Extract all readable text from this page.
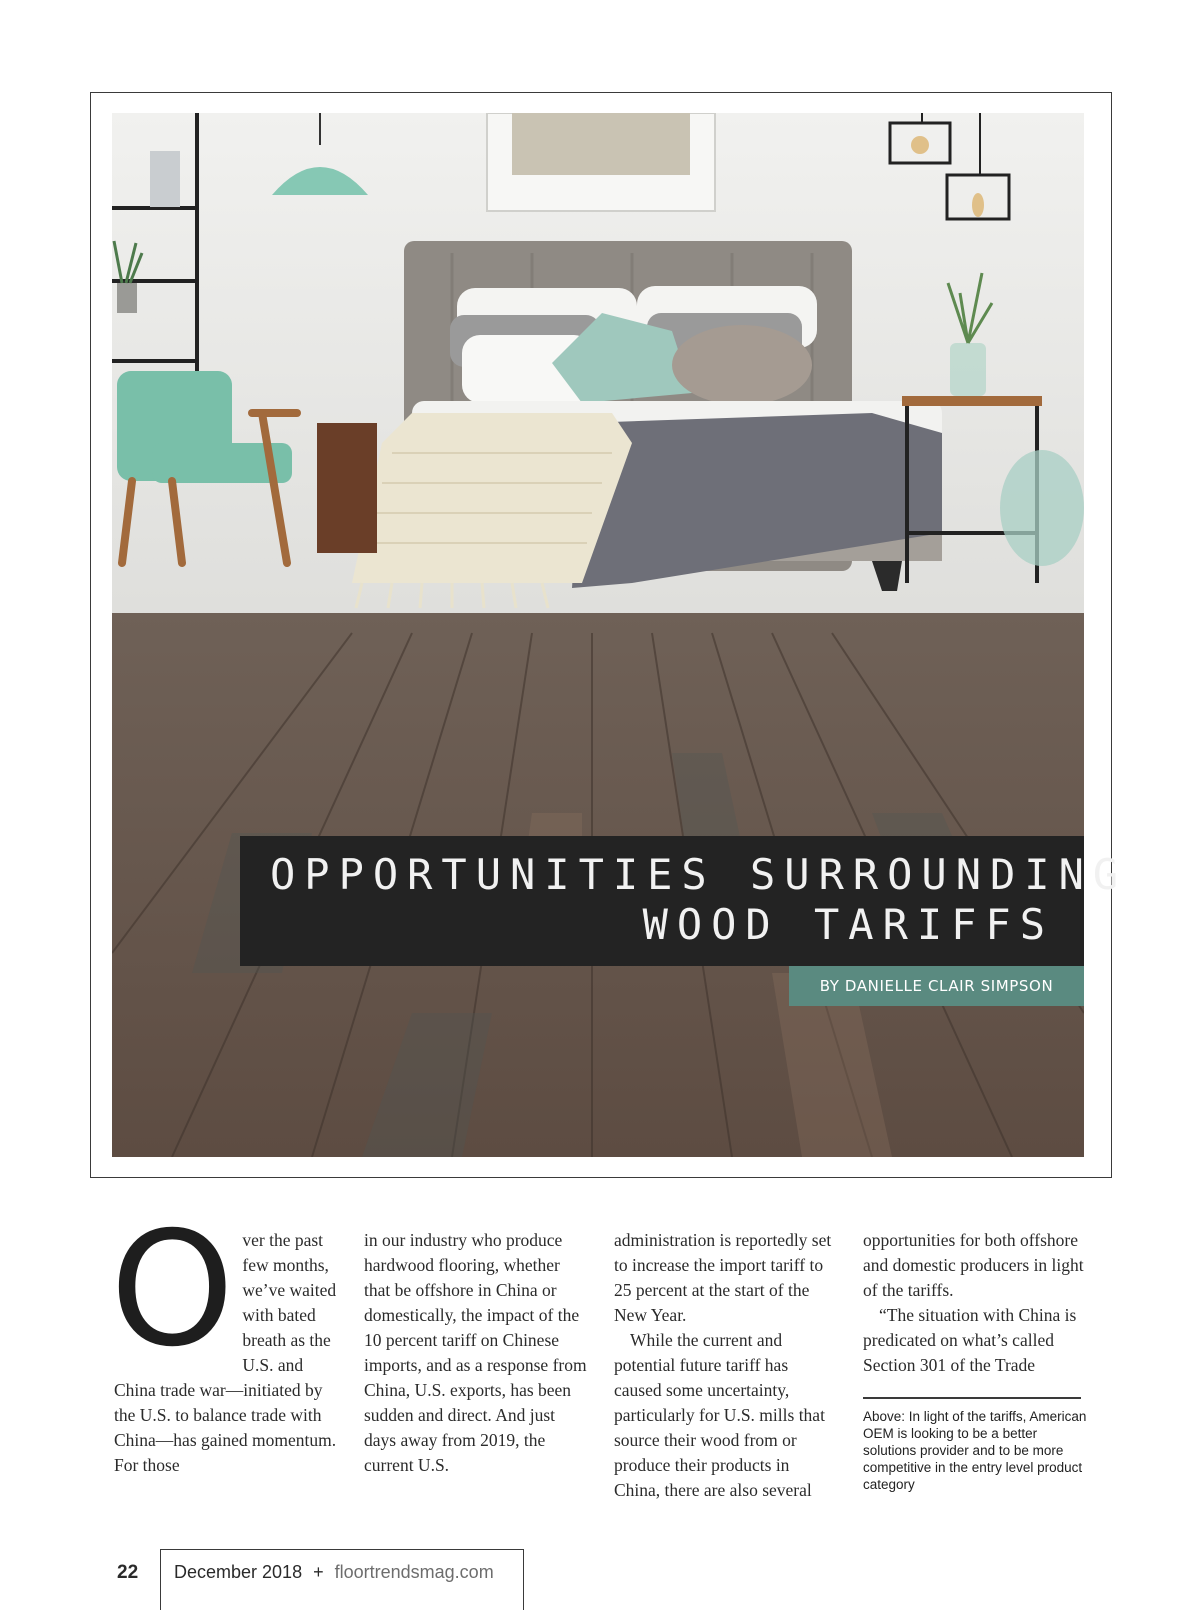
OPPORTUNITIES SURROUNDING
WOOD TARIFFS
BY DANIELLE CLAIR SIMPSON
O ver the past few months, we’ve waited with bated breath as the U.S. and China trade war—initiated by the U.S. to balance trade with China—has gained momentum. For those

in our industry who produce hardwood flooring, whether that be offshore in China or domestically, the impact of the 10 percent tariff on Chinese imports, and as a response from China, U.S. exports, has been sudden and direct. And just days away from 2019, the current U.S.

administration is reportedly set to increase the import tariff to 25 percent at the start of the New Year.

While the current and potential future tariff has caused some uncertainty, particularly for U.S. mills that source their wood from or produce their products in China, there are also several

opportunities for both offshore and domestic producers in light of the tariffs.

“The situation with China is predicated on what’s called Section 301 of the Trade

Above: In light of the tariffs, American OEM is looking to be a better solutions provider and to be more competitive in the entry level product category
22 December 2018 + floortrendsmag.com
